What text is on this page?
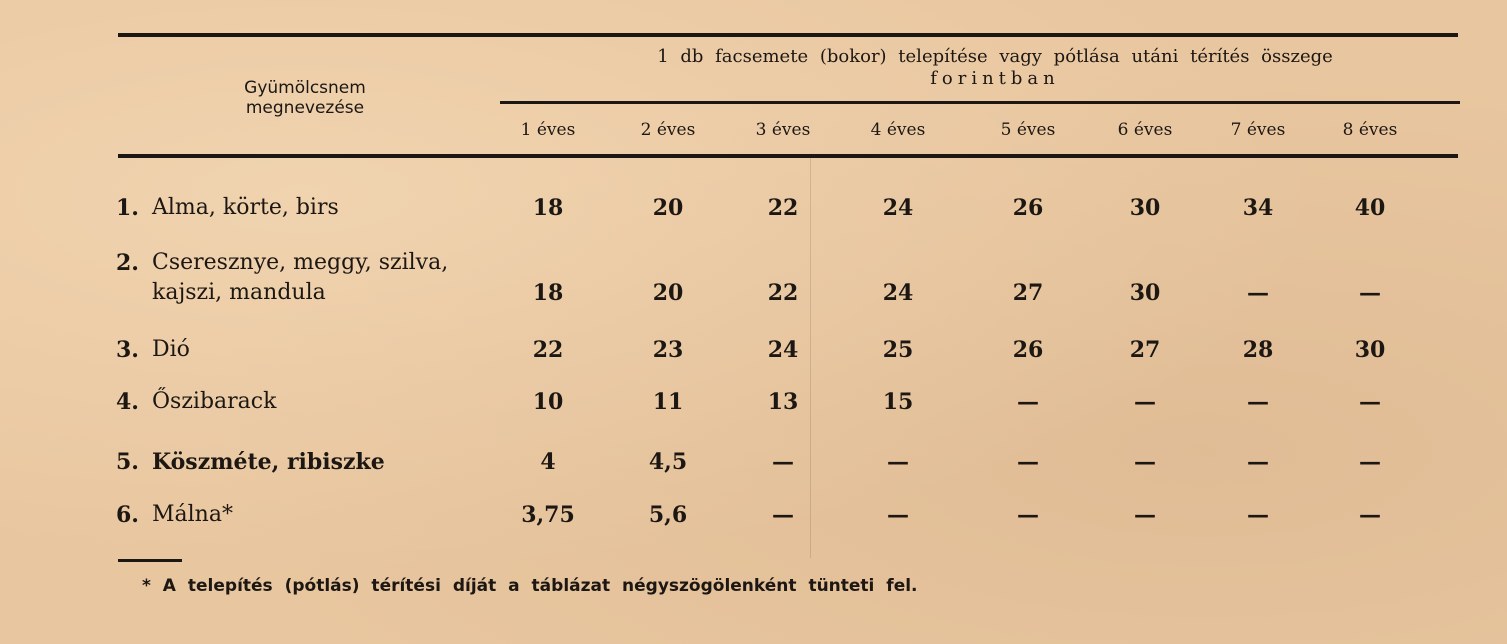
Gyümölcsnem
megnevezése
1 db facsemete (bokor) telepítése vagy pótlása utáni térítés összege
forintban
1 éves	2 éves	3 éves	4 éves	5 éves	6 éves	7 éves	8 éves
1. Alma, körte, birs	18	20	22	24	26	30	34	40
2. Cseresznye, meggy, szilva,
kajszi, mandula	18	20	22	24	27	30	—	—
3. Dió	22	23	24	25	26	27	28	30
4. Őszibarack	10	11	13	15	—	—	—	—
5. Köszméte, ribiszke	4	4,5	—	—	—	—	—	—
6. Málna*	3,75	5,6	—	—	—	—	—	—
* A telepítés (pótlás) térítési díját a táblázat négyszögölenként tünteti fel.
